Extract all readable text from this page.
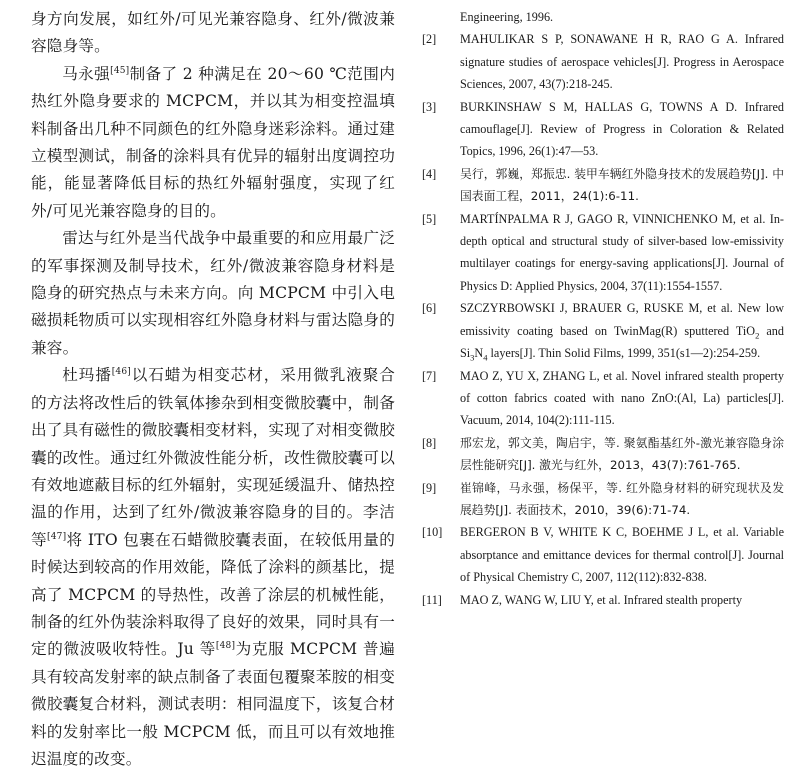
身方向发展，如红外/可见光兼容隐身、红外/微波兼容隐身等。

马永强[45]制备了 2 种满足在 20～60 ℃范围内热红外隐身要求的 MCPCM，并以其为相变控温填料制备出几种不同颜色的红外隐身迷彩涂料。通过建立模型测试，制备的涂料具有优异的辐射出度调控功能，能显著降低目标的热红外辐射强度，实现了红外/可见光兼容隐身的目的。

雷达与红外是当代战争中最重要的和应用最广泛的军事探测及制导技术，红外/微波兼容隐身材料是隐身的研究热点与未来方向。向 MCPCM 中引入电磁损耗物质可以实现相容红外隐身材料与雷达隐身的兼容。

杜玛播[46]以石蜡为相变芯材，采用微乳液聚合的方法将改性后的铁氧体掺杂到相变微胶囊中，制备出了具有磁性的微胶囊相变材料，实现了对相变微胶囊的改性。通过红外微波性能分析，改性微胶囊可以有效地遮蔽目标的红外辐射，实现延缓温升、储热控温的作用，达到了红外/微波兼容隐身的目的。李洁等[47]将 ITO 包裹在石蜡微胶囊表面，在较低用量的时候达到较高的作用效能，降低了涂料的颜基比，提高了 MCPCM 的导热性，改善了涂层的机械性能，制备的红外伪装涂料取得了良好的效果，同时具有一定的微波吸收特性。Ju 等[48]为克服 MCPCM 普遍具有较高发射率的缺点制备了表面包覆聚苯胺的相变微胶囊复合材料，测试表明：相同温度下，该复合材料的发射率比一般 MCPCM 低，而且可以有效地推迟温度的改变。

Engineering, 1996.
[2]	MAHULIKAR S P, SONAWANE H R, RAO G A. Infrared signature studies of aerospace vehicles[J]. Progress in Aerospace Sciences, 2007, 43(7):218-245.
[3]	BURKINSHAW S M, HALLAS G, TOWNS A D. Infrared camouflage[J]. Review of Progress in Coloration & Related Topics, 1996, 26(1):47—53.
[4]	吴行，郭巍，郑振忠. 装甲车辆红外隐身技术的发展趋势[J]. 中国表面工程，2011，24(1):6-11.
[5]	MARTÍNPALMA R J, GAGO R, VINNICHENKO M, et al. In-depth optical and structural study of silver-based low-emissivity multilayer coatings for energy-saving applications[J]. Journal of Physics D: Applied Physics, 2004, 37(11):1554-1557.
[6]	SZCZYRBOWSKI J, BRAUER G, RUSKE M, et al. New low emissivity coating based on TwinMag(R) sputtered TiO$_2$ and $Si_3N_4$ layers[J]. Thin Solid Films, 1999, 351(s1—2):254-259.
[7]	MAO Z, YU X, ZHANG L, et al. Novel infrared stealth property of cotton fabrics coated with nano ZnO:(Al, La) particles[J]. Vacuum, 2014, 104(2):111-115.
[8]	邢宏龙，郭文美，陶启宇，等. 聚氨酯基红外-激光兼容隐身涂层性能研究[J]. 激光与红外，2013，43(7):761-765.
[9]	崔锦峰，马永强，杨保平，等. 红外隐身材料的研究现状及发展趋势[J]. 表面技术，2010，39(6):71-74.
[10]	BERGERON B V, WHITE K C, BOEHME J L, et al. Variable absorptance and emittance devices for thermal control[J]. Journal of Physical Chemistry C, 2007, 112(112):832-838.
[11]	MAO Z, WANG W, LIU Y, et al. Infrared stealth property
